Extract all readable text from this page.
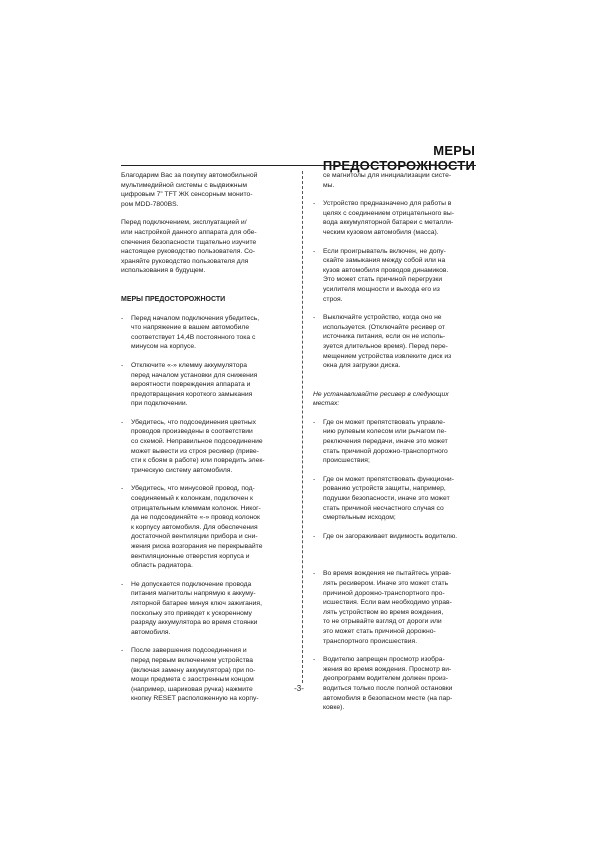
МЕРЫ ПРЕДОСТОРОЖНОСТИ

Благодарим Вас за покупку автомобильной
мультимедийной системы с выдвижным
цифровым 7” TFT ЖК сенсорным монито-
ром MDD-7800BS.

Перед подключением, эксплуатацией и/
или настройкой данного аппарата для обе-
спечения безопасности тщательно изучите
настоящее руководство пользователя. Со-
храняйте руководство пользователя для
использования в будущем.

МЕРЫ ПРЕДОСТОРОЖНОСТИ

- Перед началом подключения убедитесь,
что напряжение в вашем автомобиле
соответствует 14,4В постоянного тока с
минусом на корпусе.

- Отключите «-» клемму аккумулятора
перед началом установки для снижения
вероятности повреждения аппарата и
предотвращения короткого замыкания
при подключении.

- Убедитесь, что подсоединения цветных
проводов произведены в соответствии
со схемой. Неправильное подсоединение
может вывести из строя ресивер (приве-
сти к сбоям в работе) или повредить элек-
трическую систему автомобиля.

- Убедитесь, что минусовой провод, под-
соединяемый к колонкам, подключен к
отрицательным клеммам колонок. Никог-
да не подсоединяйте «-» провод колонок
к корпусу автомобиля. Для обеспечения
достаточной вентиляции прибора и сни-
жения риска возгорания не перекрывайте
вентиляционные отверстия корпуса и
область радиатора.

- Не допускается подключение провода
питания магнитолы напрямую к аккуму-
ляторной батарее минуя ключ зажигания,
поскольку это приведет к ускоренному
разряду аккумулятора во время стоянки
автомобиля.

- После завершения подсоединения и
перед первым включением устройства
(включая замену аккумулятора) при по-
мощи предмета с заостренным концом
(например, шариковая ручка) нажмите
кнопку RESET расположенную на корпу-

се магнитолы для инициализации систе-
мы.

- Устройство предназначено для работы в
целях с соединением отрицательного вы-
вода аккумуляторной батареи с металли-
ческим кузовом автомобиля (масса).

- Если проигрыватель включен, не допу-
скайте замыкания между собой или на
кузов автомобиля проводов динамиков.
Это может стать причиной перегрузки
усилителя мощности и выхода его из
строя.

- Выключайте устройство, когда оно не
используется. (Отключайте ресивер от
источника питания, если он не исполь-
зуется длительное время). Перед пере-
мещением устройства извлеките диск из
окна для загрузки диска.

Не устанавливайте ресивер в следующих
местах:

- Где он может препятствовать управле-
нию рулевым колесом или рычагом пе-
реключения передачи, иначе это может
стать причиной дорожно-транспортного
происшествия;

- Где он может препятствовать функциони-
рованию устройств защиты, например,
подушки безопасности, иначе это может
стать причиной несчастного случая со
смертельным исходом;

- Где он загораживает видимость водителю.

- Во время вождения не пытайтесь управ-
лять ресивером. Иначе это может стать
причиной дорожно-транспортного про-
исшествия. Если вам необходимо управ-
лять устройством во время вождения,
то не отрывайте взгляд от дороги или
это может стать причиной дорожно-
транспортного происшествия.

- Водителю запрещен просмотр изобра-
жения во время вождения. Просмотр ви-
деопрограмм водителем должен произ-
водиться только после полной остановки
автомобиля в безопасном месте (на пар-
ковке).

-3-
